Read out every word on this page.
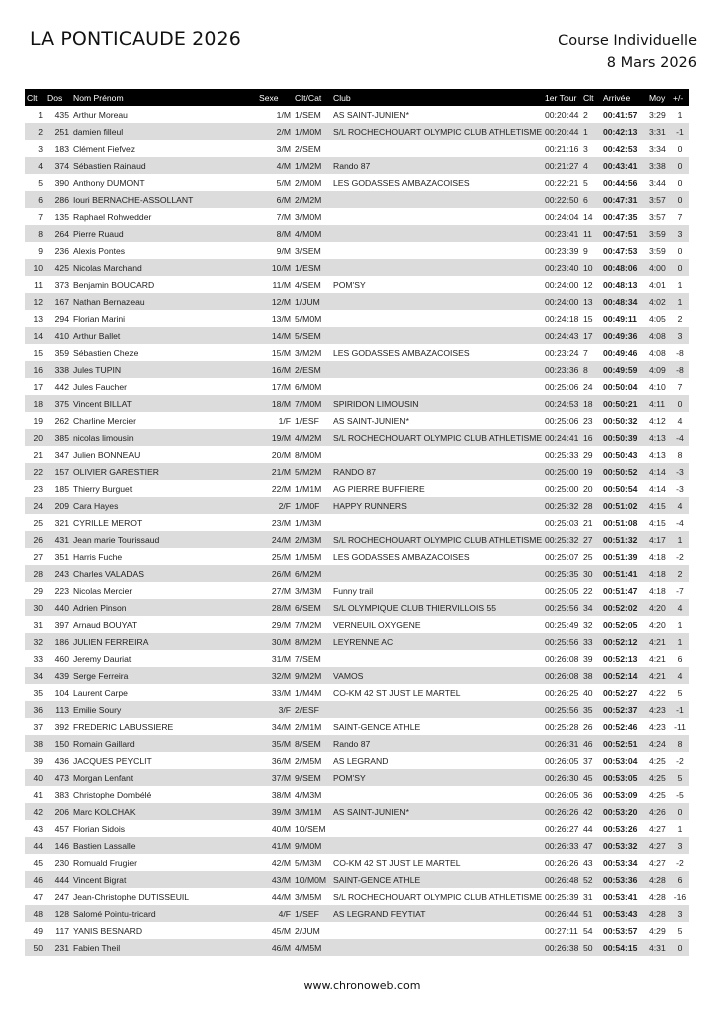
LA PONTICAUDE 2026	Course Individuelle
8 Mars 2026
Clt	Dos	Nom Prénom	Sexe	Clt/Cat	Club	1er Tour	Clt	Arrivée	Moy	+/-
1	435	Arthur Moreau	1/M	1/SEM	AS SAINT-JUNIEN*	00:20:44	2	00:41:57	3:29	1
2	251	damien filleul	2/M	1/M0M	S/L ROCHECHOUART OLYMPIC CLUB ATHLETISME	00:20:44	1	00:42:13	3:31	-1
3	183	Clément Fiefvez	3/M	2/SEM		00:21:16	3	00:42:53	3:34	0
4	374	Sébastien Rainaud	4/M	1/M2M	Rando 87	00:21:27	4	00:43:41	3:38	0
5	390	Anthony DUMONT	5/M	2/M0M	LES GODASSES AMBAZACOISES	00:22:21	5	00:44:56	3:44	0
6	286	Iouri BERNACHE-ASSOLLANT	6/M	2/M2M		00:22:50	6	00:47:31	3:57	0
7	135	Raphael Rohwedder	7/M	3/M0M		00:24:04	14	00:47:35	3:57	7
8	264	Pierre Ruaud	8/M	4/M0M		00:23:41	11	00:47:51	3:59	3
9	236	Alexis Pontes	9/M	3/SEM		00:23:39	9	00:47:53	3:59	0
10	425	Nicolas Marchand	10/M	1/ESM		00:23:40	10	00:48:06	4:00	0
11	373	Benjamin BOUCARD	11/M	4/SEM	POM'SY	00:24:00	12	00:48:13	4:01	1
12	167	Nathan Bernazeau	12/M	1/JUM		00:24:00	13	00:48:34	4:02	1
13	294	Florian Marini	13/M	5/M0M		00:24:18	15	00:49:11	4:05	2
14	410	Arthur Ballet	14/M	5/SEM		00:24:43	17	00:49:36	4:08	3
15	359	Sébastien Cheze	15/M	3/M2M	LES GODASSES AMBAZACOISES	00:23:24	7	00:49:46	4:08	-8
16	338	Jules TUPIN	16/M	2/ESM		00:23:36	8	00:49:59	4:09	-8
17	442	Jules Faucher	17/M	6/M0M		00:25:06	24	00:50:04	4:10	7
18	375	Vincent BILLAT	18/M	7/M0M	SPIRIDON LIMOUSIN	00:24:53	18	00:50:21	4:11	0
19	262	Charline Mercier	1/F	1/ESF	AS SAINT-JUNIEN*	00:25:06	23	00:50:32	4:12	4
20	385	nicolas limousin	19/M	4/M2M	S/L ROCHECHOUART OLYMPIC CLUB ATHLETISME	00:24:41	16	00:50:39	4:13	-4
21	347	Julien BONNEAU	20/M	8/M0M		00:25:33	29	00:50:43	4:13	8
22	157	OLIVIER GARESTIER	21/M	5/M2M	RANDO 87	00:25:00	19	00:50:52	4:14	-3
23	185	Thierry Burguet	22/M	1/M1M	AG PIERRE BUFFIERE	00:25:00	20	00:50:54	4:14	-3
24	209	Cara Hayes	2/F	1/M0F	HAPPY RUNNERS	00:25:32	28	00:51:02	4:15	4
25	321	CYRILLE MEROT	23/M	1/M3M		00:25:03	21	00:51:08	4:15	-4
26	431	Jean marie Tourissaud	24/M	2/M3M	S/L ROCHECHOUART OLYMPIC CLUB ATHLETISME	00:25:32	27	00:51:32	4:17	1
27	351	Harris Fuche	25/M	1/M5M	LES GODASSES AMBAZACOISES	00:25:07	25	00:51:39	4:18	-2
28	243	Charles VALADAS	26/M	6/M2M		00:25:35	30	00:51:41	4:18	2
29	223	Nicolas Mercier	27/M	3/M3M	Funny trail	00:25:05	22	00:51:47	4:18	-7
30	440	Adrien Pinson	28/M	6/SEM	S/L OLYMPIQUE CLUB THIERVILLOIS 55	00:25:56	34	00:52:02	4:20	4
31	397	Arnaud BOUYAT	29/M	7/M2M	VERNEUIL OXYGENE	00:25:49	32	00:52:05	4:20	1
32	186	JULIEN FERREIRA	30/M	8/M2M	LEYRENNE AC	00:25:56	33	00:52:12	4:21	1
33	460	Jeremy Dauriat	31/M	7/SEM		00:26:08	39	00:52:13	4:21	6
34	439	Serge Ferreira	32/M	9/M2M	VAMOS	00:26:08	38	00:52:14	4:21	4
35	104	Laurent Carpe	33/M	1/M4M	CO-KM 42 ST JUST LE MARTEL	00:26:25	40	00:52:27	4:22	5
36	113	Emilie Soury	3/F	2/ESF		00:25:56	35	00:52:37	4:23	-1
37	392	FREDERIC LABUSSIERE	34/M	2/M1M	SAINT-GENCE ATHLE	00:25:28	26	00:52:46	4:23	-11
38	150	Romain Gaillard	35/M	8/SEM	Rando 87	00:26:31	46	00:52:51	4:24	8
39	436	JACQUES PEYCLIT	36/M	2/M5M	AS LEGRAND	00:26:05	37	00:53:04	4:25	-2
40	473	Morgan Lenfant	37/M	9/SEM	POM'SY	00:26:30	45	00:53:05	4:25	5
41	383	Christophe Dombélé	38/M	4/M3M		00:26:05	36	00:53:09	4:25	-5
42	206	Marc KOLCHAK	39/M	3/M1M	AS SAINT-JUNIEN*	00:26:26	42	00:53:20	4:26	0
43	457	Florian Sidois	40/M	10/SEM		00:26:27	44	00:53:26	4:27	1
44	146	Bastien Lassalle	41/M	9/M0M		00:26:33	47	00:53:32	4:27	3
45	230	Romuald Frugier	42/M	5/M3M	CO-KM 42 ST JUST LE MARTEL	00:26:26	43	00:53:34	4:27	-2
46	444	Vincent Bigrat	43/M	10/M0M	SAINT-GENCE ATHLE	00:26:48	52	00:53:36	4:28	6
47	247	Jean-Christophe DUTISSEUIL	44/M	3/M5M	S/L ROCHECHOUART OLYMPIC CLUB ATHLETISME	00:25:39	31	00:53:41	4:28	-16
48	128	Salomé Pointu-tricard	4/F	1/SEF	AS LEGRAND FEYTIAT	00:26:44	51	00:53:43	4:28	3
49	117	YANIS BESNARD	45/M	2/JUM		00:27:11	54	00:53:57	4:29	5
50	231	Fabien Theil	46/M	4/M5M		00:26:38	50	00:54:15	4:31	0
www.chronoweb.com
